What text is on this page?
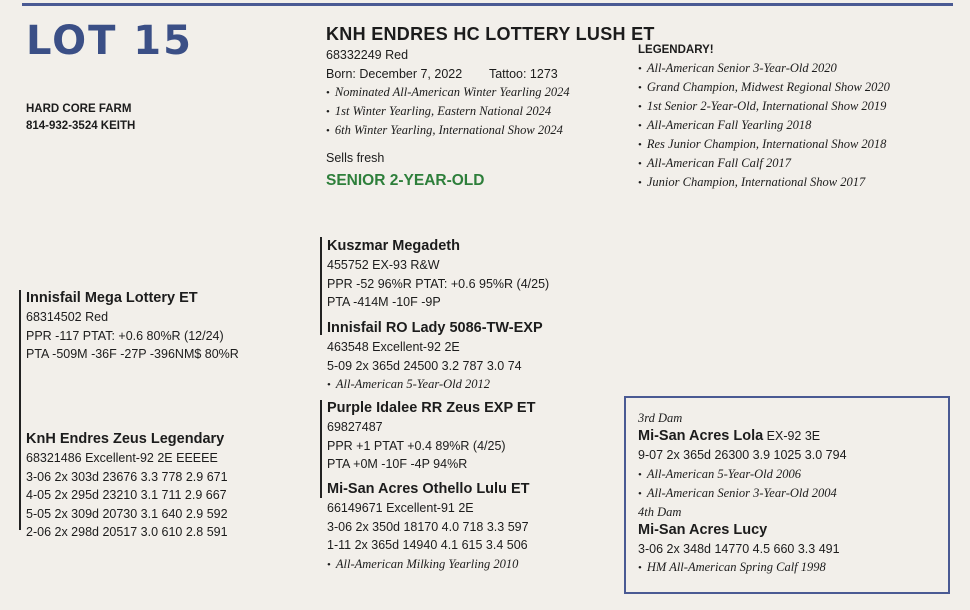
LOT 15
HARD CORE FARM
814-932-3524 KEITH
KNH ENDRES HC LOTTERY LUSH ET
68332249 Red
Born: December 7, 2022 Tattoo: 1273
• Nominated All-American Winter Yearling 2024
• 1st Winter Yearling, Eastern National 2024
• 6th Winter Yearling, International Show 2024
Sells fresh
SENIOR 2-YEAR-OLD
LEGENDARY!
• All-American Senior 3-Year-Old 2020
• Grand Champion, Midwest Regional Show 2020
• 1st Senior 2-Year-Old, International Show 2019
• All-American Fall Yearling 2018
• Res Junior Champion, International Show 2018
• All-American Fall Calf 2017
• Junior Champion, International Show 2017
Innisfail Mega Lottery ET
68314502 Red
PPR -117 PTAT: +0.6 80%R (12/24)
PTA -509M -36F -27P -396NM$ 80%R
KnH Endres Zeus Legendary
68321486 Excellent-92 2E EEEEE
3-06 2x 303d 23676 3.3 778 2.9 671
4-05 2x 295d 23210 3.1 711 2.9 667
5-05 2x 309d 20730 3.1 640 2.9 592
2-06 2x 298d 20517 3.0 610 2.8 591
Kuszmar Megadeth
455752 EX-93 R&W
PPR -52 96%R PTAT: +0.6 95%R (4/25)
PTA -414M -10F -9P
Innisfail RO Lady 5086-TW-EXP
463548 Excellent-92 2E
5-09 2x 365d 24500 3.2 787 3.0 74
• All-American 5-Year-Old 2012
Purple Idalee RR Zeus EXP ET
69827487
PPR +1 PTAT +0.4 89%R (4/25)
PTA +0M -10F -4P 94%R
Mi-San Acres Othello Lulu ET
66149671 Excellent-91 2E
3-06 2x 350d 18170 4.0 718 3.3 597
1-11 2x 365d 14940 4.1 615 3.4 506
• All-American Milking Yearling 2010
3rd Dam
Mi-San Acres Lola EX-92 3E
9-07 2x 365d 26300 3.9 1025 3.0 794
• All-American 5-Year-Old 2006
• All-American Senior 3-Year-Old 2004
4th Dam
Mi-San Acres Lucy
3-06 2x 348d 14770 4.5 660 3.3 491
• HM All-American Spring Calf 1998
